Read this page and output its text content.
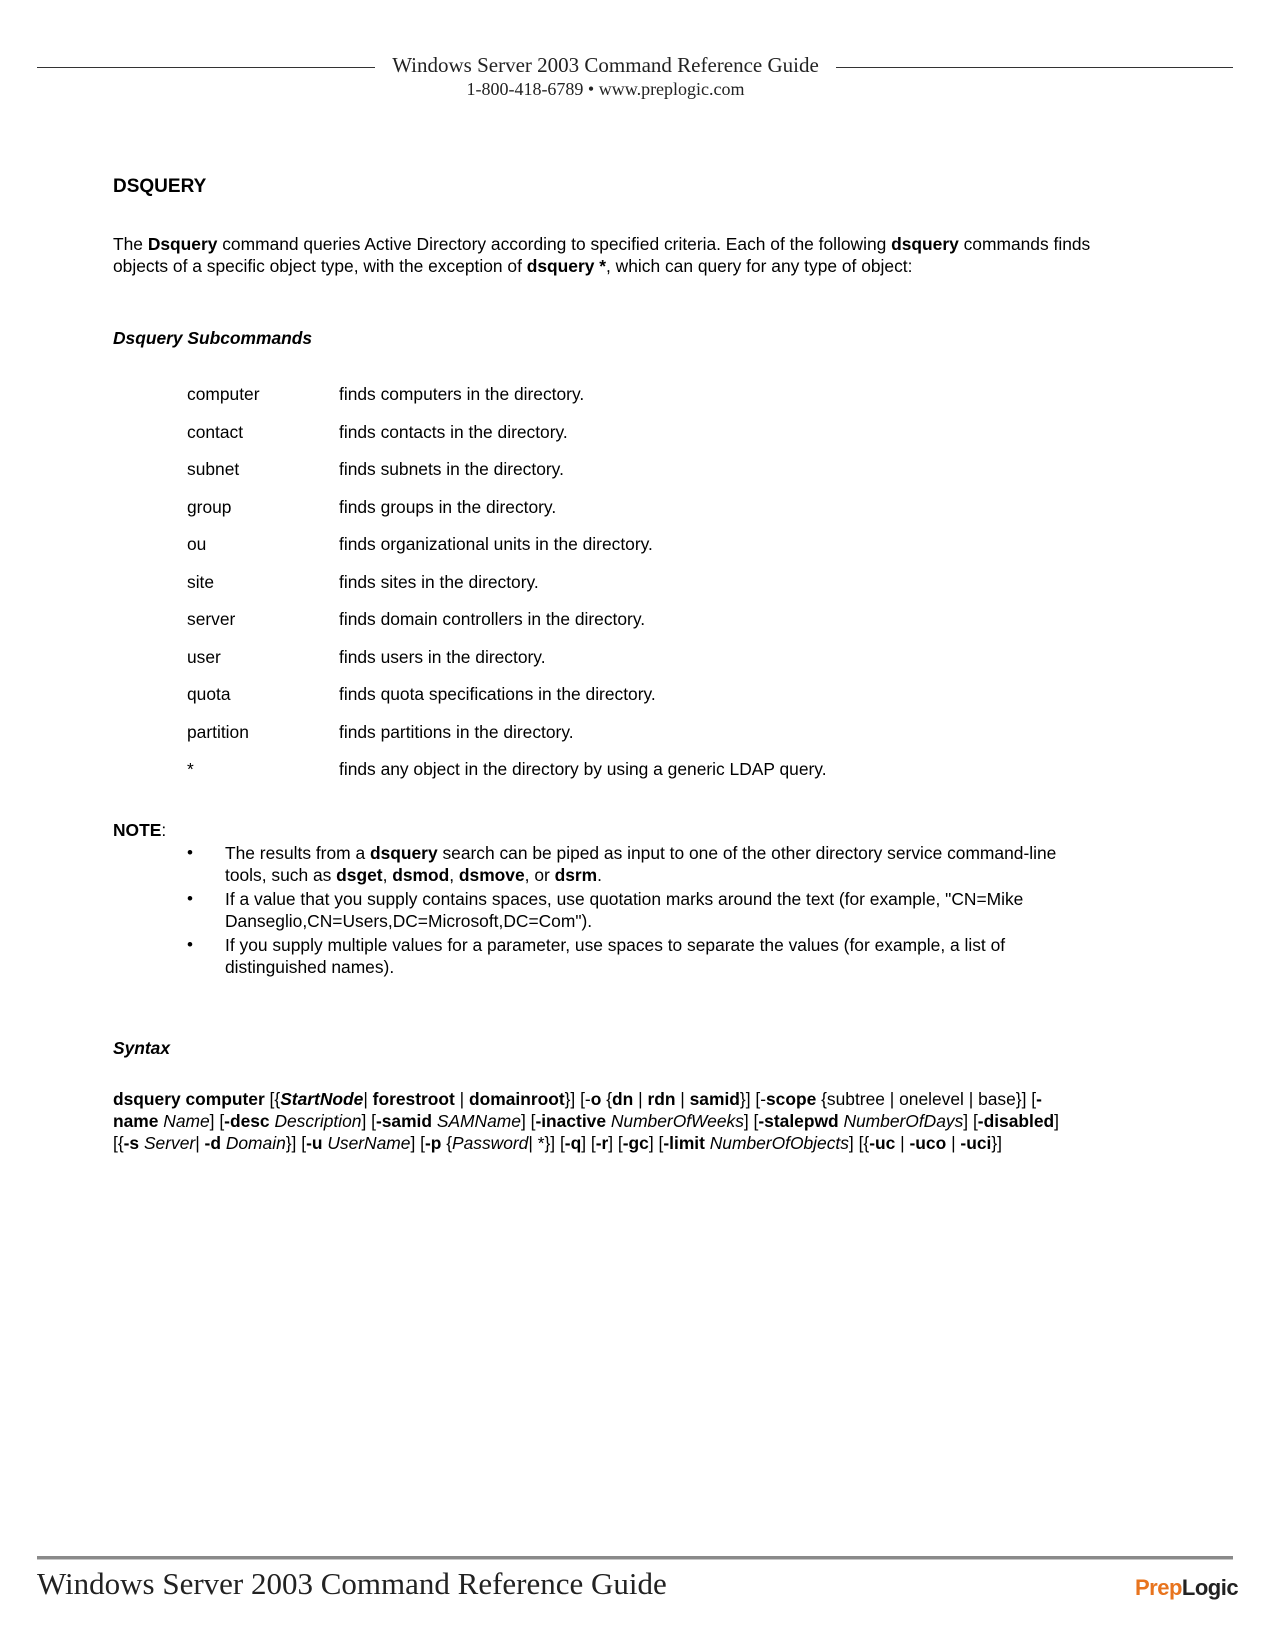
Windows Server 2003 Command Reference Guide
1-800-418-6789 • www.preplogic.com
DSQUERY
The Dsquery command queries Active Directory according to specified criteria. Each of the following dsquery commands finds objects of a specific object type, with the exception of dsquery *, which can query for any type of object:
Dsquery Subcommands
computer	finds computers in the directory.
contact	finds contacts in the directory.
subnet	finds subnets in the directory.
group	finds groups in the directory.
ou	finds organizational units in the directory.
site	finds sites in the directory.
server	finds domain controllers in the directory.
user	finds users in the directory.
quota	finds quota specifications in the directory.
partition	finds partitions in the directory.
*	finds any object in the directory by using a generic LDAP query.
NOTE:
• The results from a dsquery search can be piped as input to one of the other directory service command-line tools, such as dsget, dsmod, dsmove, or dsrm.
• If a value that you supply contains spaces, use quotation marks around the text (for example, "CN=Mike Danseglio,CN=Users,DC=Microsoft,DC=Com").
• If you supply multiple values for a parameter, use spaces to separate the values (for example, a list of distinguished names).
Syntax
dsquery computer [{StartNode| forestroot | domainroot}] [-o {dn | rdn | samid}] [-scope {subtree | onelevel | base}] [-name Name] [-desc Description] [-samid SAMName] [-inactive NumberOfWeeks] [-stalepwd NumberOfDays] [-disabled] [{-s Server| -d Domain}] [-u UserName] [-p {Password| *}] [-q] [-r] [-gc] [-limit NumberOfObjects] [{-uc | -uco | -uci}]
Windows Server 2003 Command Reference Guide	PrepLogic
